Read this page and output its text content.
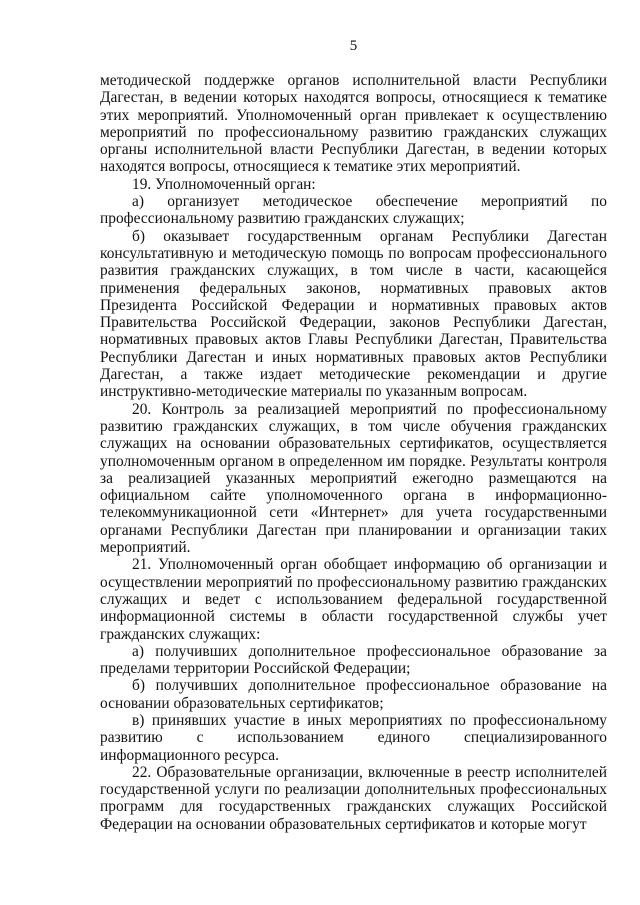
5

методической поддержке органов исполнительной власти Республики Дагестан, в ведении которых находятся вопросы, относящиеся к тематике этих мероприятий. Уполномоченный орган привлекает к осуществлению мероприятий по профессиональному развитию гражданских служащих органы исполнительной власти Республики Дагестан, в ведении которых находятся вопросы, относящиеся к тематике этих мероприятий.

19. Уполномоченный орган:

а) организует методическое обеспечение мероприятий по профессиональному развитию гражданских служащих;

б) оказывает государственным органам Республики Дагестан консультативную и методическую помощь по вопросам профессионального развития гражданских служащих, в том числе в части, касающейся применения федеральных законов, нормативных правовых актов Президента Российской Федерации и нормативных правовых актов Правительства Российской Федерации, законов Республики Дагестан, нормативных правовых актов Главы Республики Дагестан, Правительства Республики Дагестан и иных нормативных правовых актов Республики Дагестан, а также издает методические рекомендации и другие инструктивно-методические материалы по указанным вопросам.

20. Контроль за реализацией мероприятий по профессиональному развитию гражданских служащих, в том числе обучения гражданских служащих на основании образовательных сертификатов, осуществляется уполномоченным органом в определенном им порядке. Результаты контроля за реализацией указанных мероприятий ежегодно размещаются на официальном сайте уполномоченного органа в информационно-телекоммуникационной сети «Интернет» для учета государственными органами Республики Дагестан при планировании и организации таких мероприятий.

21. Уполномоченный орган обобщает информацию об организации и осуществлении мероприятий по профессиональному развитию гражданских служащих и ведет с использованием федеральной государственной информационной системы в области государственной службы учет гражданских служащих:

а) получивших дополнительное профессиональное образование за пределами территории Российской Федерации;

б) получивших дополнительное профессиональное образование на основании образовательных сертификатов;

в) принявших участие в иных мероприятиях по профессиональному развитию с использованием единого специализированного информационного ресурса.

22. Образовательные организации, включенные в реестр исполнителей государственной услуги по реализации дополнительных профессиональных программ для государственных гражданских служащих Российской Федерации на основании образовательных сертификатов и которые могут
